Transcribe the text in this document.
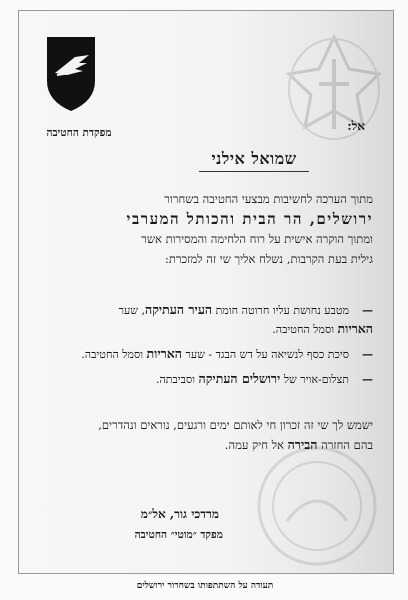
מפקדת החטיבה	אל:
שמואל אילני

מתוך הערכה לחשיבות מבצעי החטיבה בשחרור

ירושלים, הר הבית והכותל המערבי

ומתוך הוקרה אישית על רוח הלחימה והמסירות אשר

גילית בעת הקרבות, נשלח אליך שי זה למזכרת:

—מטבע נחושת עליו חרוטה חומת העיר העתיקה, שער
האריות וסמל החטיבה.
—סיכת כסף לנשיאה על דש הבגד - שער האריות וסמל החטיבה.
—תצלום-אויר של ירושלים העתיקה וסביבתה.
ישמש לך שי זה זכרון חי לאותם ימים ורגעים, נוראים ונהדרים,
בהם החזרה הבירה אל חיק עמה.
מרדכי גור, אל״מ
מפקד ״מוטי״ החטיבה
תעודה על השתתפותו בשחרור ירושלים
